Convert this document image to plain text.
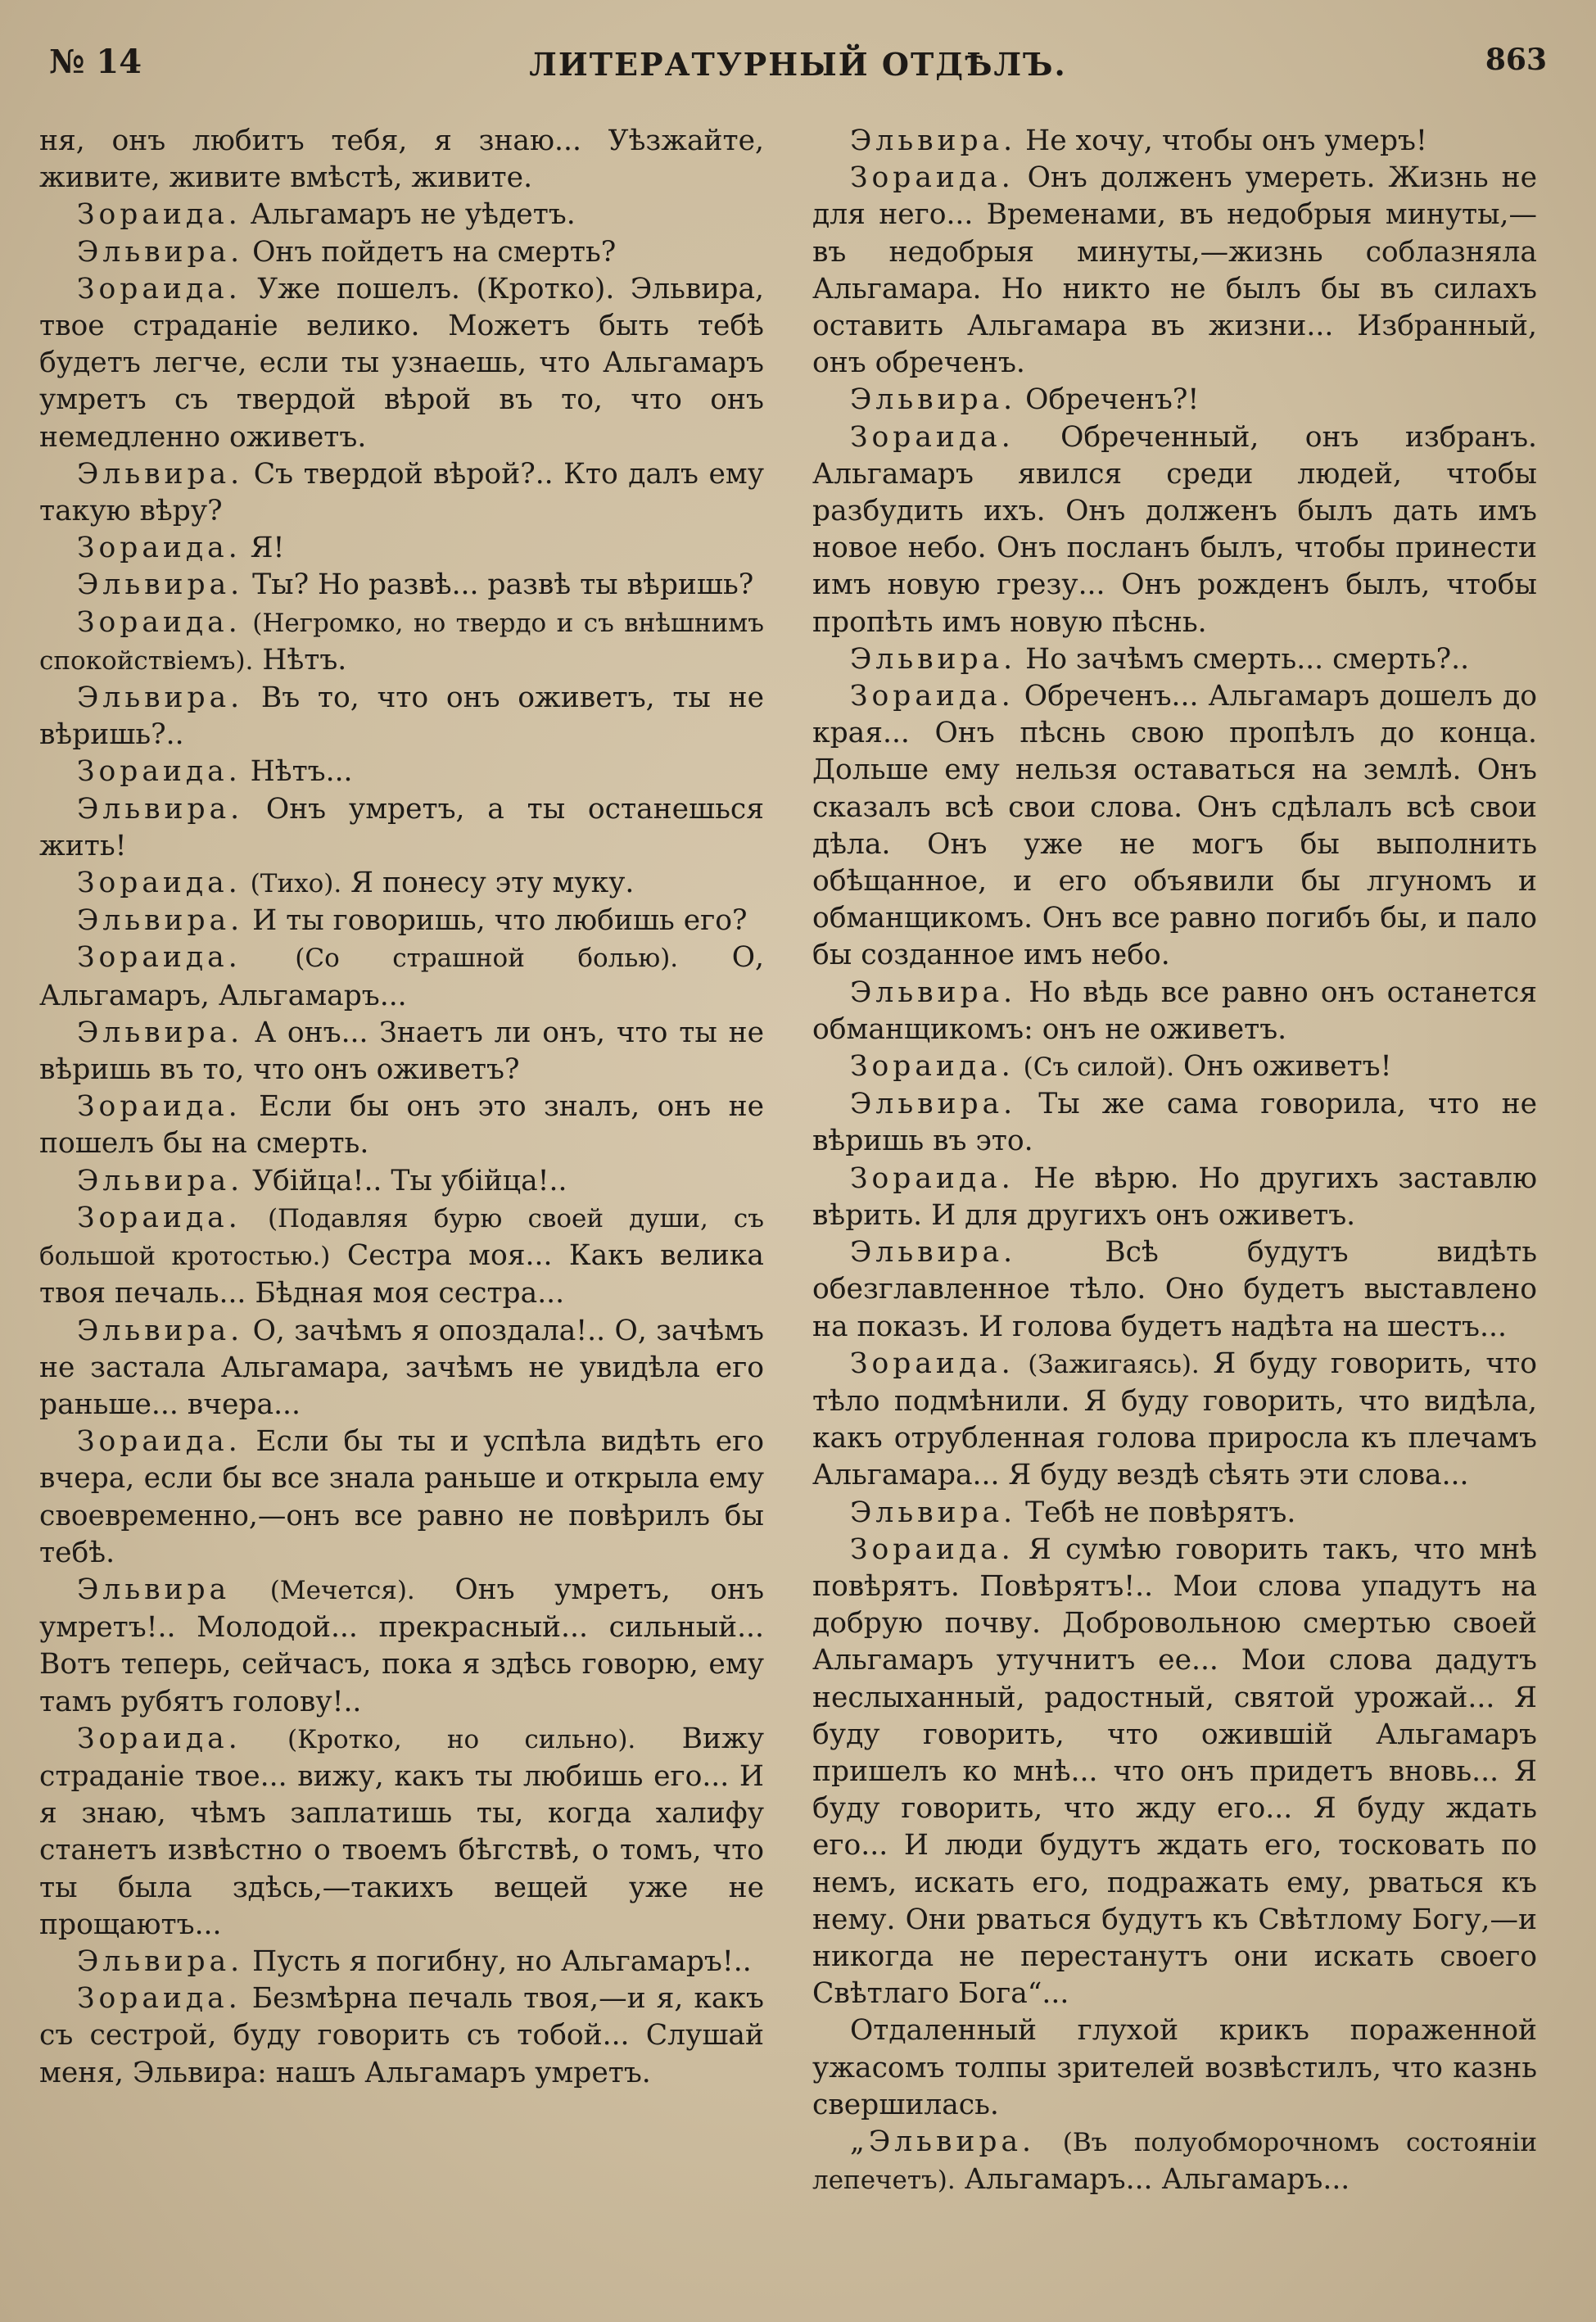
№ 14	ЛИТЕРАТУРНЫЙ ОТДѢЛЪ.	863

ня, онъ любитъ тебя, я знаю... Уѣзжайте, живите, живите вмѣстѣ, живите.

Зораида. Альгамаръ не уѣдетъ.

Эльвира. Онъ пойдетъ на смерть?

Зораида. Уже пошелъ. (Кротко). Эльвира, твое страданіе велико. Можетъ быть тебѣ будетъ легче, если ты узнаешь, что Альгамаръ умретъ съ твердой вѣрой въ то, что онъ немедленно оживетъ.

Эльвира. Съ твердой вѣрой?.. Кто далъ ему такую вѣру?

Зораида. Я!

Эльвира. Ты? Но развѣ... развѣ ты вѣришь?

Зораида. (Негромко, но твердо и съ внѣшнимъ спокойствіемъ). Нѣтъ.

Эльвира. Въ то, что онъ оживетъ, ты не вѣришь?..

Зораида. Нѣтъ...

Эльвира. Онъ умретъ, а ты останешься жить!

Зораида. (Тихо). Я понесу эту муку.

Эльвира. И ты говоришь, что любишь его?

Зораида. (Со страшной болью). О, Альгамаръ, Альгамаръ...

Эльвира. А онъ... Знаетъ ли онъ, что ты не вѣришь въ то, что онъ оживетъ?

Зораида. Если бы онъ это зналъ, онъ не пошелъ бы на смерть.

Эльвира. Убійца!.. Ты убійца!..

Зораида. (Подавляя бурю своей души, съ большой кротостью.) Сестра моя... Какъ велика твоя печаль... Бѣдная моя сестра...

Эльвира. О, зачѣмъ я опоздала!.. О, зачѣмъ не застала Альгамара, зачѣмъ не увидѣла его раньше... вчера...

Зораида. Если бы ты и успѣла видѣть его вчера, если бы все знала раньше и открыла ему своевременно,—онъ все равно не повѣрилъ бы тебѣ.

Эльвира (Мечется). Онъ умретъ, онъ умретъ!.. Молодой... прекрасный... сильный... Вотъ теперь, сейчасъ, пока я здѣсь говорю, ему тамъ рубятъ голову!..

Зораида. (Кротко, но сильно). Вижу страданіе твое... вижу, какъ ты любишь его... И я знаю, чѣмъ заплатишь ты, когда халифу станетъ извѣстно о твоемъ бѣгствѣ, о томъ, что ты была здѣсь,—такихъ вещей уже не прощаютъ...

Эльвира. Пусть я погибну, но Альгамаръ!..

Зораида. Безмѣрна печаль твоя,—и я, какъ съ сестрой, буду говорить съ тобой... Слушай меня, Эльвира: нашъ Альгамаръ умретъ.

Эльвира. Не хочу, чтобы онъ умеръ!

Зораида. Онъ долженъ умереть. Жизнь не для него... Временами, въ недобрыя минуты,—въ недобрыя минуты,—жизнь соблазняла Альгамара. Но никто не былъ бы въ силахъ оставить Альгамара въ жизни... Избранный, онъ обреченъ.

Эльвира. Обреченъ?!

Зораида. Обреченный, онъ избранъ. Альгамаръ явился среди людей, чтобы разбудить ихъ. Онъ долженъ былъ дать имъ новое небо. Онъ посланъ былъ, чтобы принести имъ новую грезу... Онъ рожденъ былъ, чтобы пропѣть имъ новую пѣснь.

Эльвира. Но зачѣмъ смерть... смерть?..

Зораида. Обреченъ... Альгамаръ дошелъ до края... Онъ пѣснь свою пропѣлъ до конца. Дольше ему нельзя оставаться на землѣ. Онъ сказалъ всѣ свои слова. Онъ сдѣлалъ всѣ свои дѣла. Онъ уже не могъ бы выполнить обѣщанное, и его объявили бы лгуномъ и обманщикомъ. Онъ все равно погибъ бы, и пало бы созданное имъ небо.

Эльвира. Но вѣдь все равно онъ останется обманщикомъ: онъ не оживетъ.

Зораида. (Съ силой). Онъ оживетъ!

Эльвира. Ты же сама говорила, что не вѣришь въ это.

Зораида. Не вѣрю. Но другихъ заставлю вѣрить. И для другихъ онъ оживетъ.

Эльвира.	Всѣ будутъ видѣть обезглавленное тѣло. Оно будетъ выставлено на показъ. И голова будетъ надѣта на шестъ...

Зораида. (Зажигаясь). Я буду говорить, что тѣло подмѣнили. Я буду говорить, что видѣла, какъ отрубленная голова приросла къ плечамъ Альгамара... Я буду вездѣ сѣять эти слова...

Эльвира. Тебѣ не повѣрятъ.

Зораида. Я сумѣю говорить такъ, что мнѣ повѣрятъ. Повѣрятъ!.. Мои слова упадутъ на добрую почву. Добровольною смертью своей Альгамаръ утучнитъ ее... Мои слова дадутъ неслыханный, радостный, святой урожай... Я буду говорить, что ожившій Альгамаръ пришелъ ко мнѣ... что онъ придетъ вновь... Я буду говорить, что жду его... Я буду ждать его... И люди будутъ ждать его, тосковать по немъ, искать его, подражать ему, рваться къ нему. Они рваться будутъ къ Свѣтлому Богу,—и никогда не перестанутъ они искать своего Свѣтлаго Бога“...

Отдаленный глухой крикъ пораженной ужасомъ толпы зрителей возвѣстилъ, что казнь свершилась.

„Эльвира. (Въ полуобморочномъ состояніи лепечетъ). Альгамаръ... Альгамаръ...
